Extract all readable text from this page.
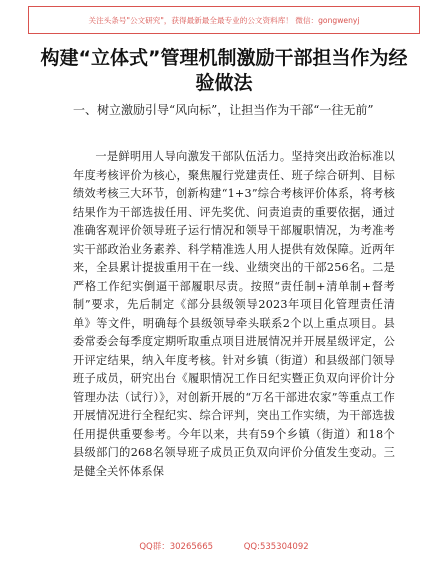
关注头条号"公文研究"，获得最新最全最专业的公文资料库！ 微信：gongwenyj
构建“立体式”管理机制激励干部担当作为经验做法
一、树立激励引导“风向标”，让担当作为干部“一往无前”
一是鲜明用人导向激发干部队伍活力。坚持突出政治标准以年度考核评价为核心，聚焦履行党建责任、班子综合研判、目标绩效考核三大环节，创新构建“1+3”综合考核评价体系，将考核结果作为干部选拔任用、评先奖优、问责追责的重要依据，通过准确客观评价领导班子运行情况和领导干部履职情况，为考准考实干部政治业务素养、科学精准选人用人提供有效保障。近两年来，全县累计提拔重用干在一线、业绩突出的干部256名。二是严格工作纪实倒逼干部履职尽责。按照“责任制+清单制+督考制”要求，先后制定《部分县级领导2023年项目化管理责任清单》等文件，明确每个县级领导牵头联系2个以上重点项目。县委常委会每季度定期听取重点项目进展情况并开展星级评定，公开评定结果，纳入年度考核。针对乡镇（街道）和县级部门领导班子成员，研究出台《履职情况工作日纪实暨正负双向评价计分管理办法（试行）》，对创新开展的“万名干部进农家”等重点工作开展情况进行全程纪实、综合评判，突出工作实绩，为干部选拔任用提供重要参考。今年以来，共有59个乡镇（街道）和18个县级部门的268名领导班子成员正负双向评价分值发生变动。三是健全关怀体系保
QQ群：30265665	QQ:535304092
